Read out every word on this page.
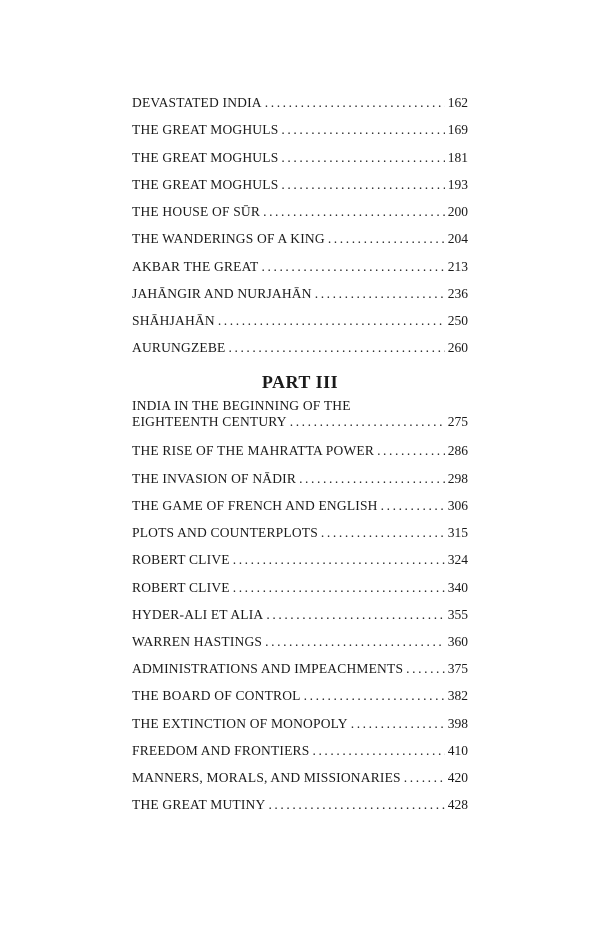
DEVASTATED INDIA .....	162
THE GREAT MOGHULS .....	169
THE GREAT MOGHULS .....	181
THE GREAT MOGHULS .....	193
THE HOUSE OF SŪR .....	200
THE WANDERINGS OF A KING .....	204
AKBAR THE GREAT .....	213
JAHĀNGIR AND NURJAHĀN .....	236
SHĀHJAHĀN .....	250
AURUNGZEBE .....	260
PART III
INDIA IN THE BEGINNING OF THE
EIGHTEENTH CENTURY .....	275
THE RISE OF THE MAHRATTA POWER .....	286
THE INVASION OF NĀDIR .....	298
THE GAME OF FRENCH AND ENGLISH .....	306
PLOTS AND COUNTERPLOTS .....	315
ROBERT CLIVE .....	324
ROBERT CLIVE .....	340
HYDER-ALI ET ALIA .....	355
WARREN HASTINGS .....	360
ADMINISTRATIONS AND IMPEACHMENTS .....	375
THE BOARD OF CONTROL .....	382
THE EXTINCTION OF MONOPOLY .....	398
FREEDOM AND FRONTIERS .....	410
MANNERS, MORALS, AND MISSIONARIES .....	420
THE GREAT MUTINY .....	428
